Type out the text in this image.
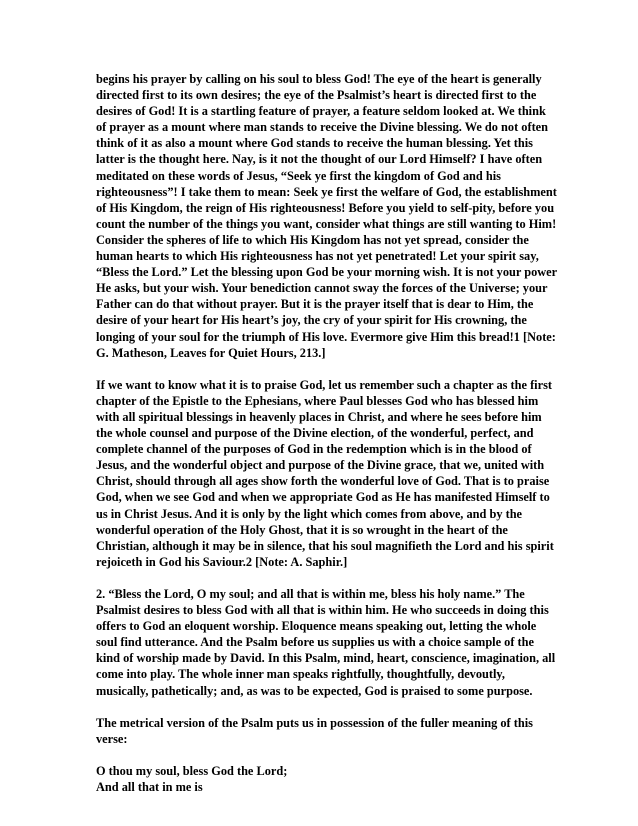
begins his prayer by calling on his soul to bless God! The eye of the heart is generally directed first to its own desires; the eye of the Psalmist’s heart is directed first to the desires of God! It is a startling feature of prayer, a feature seldom looked at. We think of prayer as a mount where man stands to receive the Divine blessing. We do not often think of it as also a mount where God stands to receive the human blessing. Yet this latter is the thought here. Nay, is it not the thought of our Lord Himself? I have often meditated on these words of Jesus, “Seek ye first the kingdom of God and his righteousness”! I take them to mean: Seek ye first the welfare of God, the establishment of His Kingdom, the reign of His righteousness! Before you yield to self-pity, before you count the number of the things you want, consider what things are still wanting to Him! Consider the spheres of life to which His Kingdom has not yet spread, consider the human hearts to which His righteousness has not yet penetrated! Let your spirit say, “Bless the Lord.” Let the blessing upon God be your morning wish. It is not your power He asks, but your wish. Your benediction cannot sway the forces of the Universe; your Father can do that without prayer. But it is the prayer itself that is dear to Him, the desire of your heart for His heart’s joy, the cry of your spirit for His crowning, the longing of your soul for the triumph of His love. Evermore give Him this bread!1 [Note: G. Matheson, Leaves for Quiet Hours, 213.]

If we want to know what it is to praise God, let us remember such a chapter as the first chapter of the Epistle to the Ephesians, where Paul blesses God who has blessed him with all spiritual blessings in heavenly places in Christ, and where he sees before him the whole counsel and purpose of the Divine election, of the wonderful, perfect, and complete channel of the purposes of God in the redemption which is in the blood of Jesus, and the wonderful object and purpose of the Divine grace, that we, united with Christ, should through all ages show forth the wonderful love of God. That is to praise God, when we see God and when we appropriate God as He has manifested Himself to us in Christ Jesus. And it is only by the light which comes from above, and by the wonderful operation of the Holy Ghost, that it is so wrought in the heart of the Christian, although it may be in silence, that his soul magnifieth the Lord and his spirit rejoiceth in God his Saviour.2 [Note: A. Saphir.]

2. “Bless the Lord, O my soul; and all that is within me, bless his holy name.” The Psalmist desires to bless God with all that is within him. He who succeeds in doing this offers to God an eloquent worship. Eloquence means speaking out, letting the whole soul find utterance. And the Psalm before us supplies us with a choice sample of the kind of worship made by David. In this Psalm, mind, heart, conscience, imagination, all come into play. The whole inner man speaks rightfully, thoughtfully, devoutly, musically, pathetically; and, as was to be expected, God is praised to some purpose.

The metrical version of the Psalm puts us in possession of the fuller meaning of this verse:

O thou my soul, bless God the Lord;

And all that in me is
